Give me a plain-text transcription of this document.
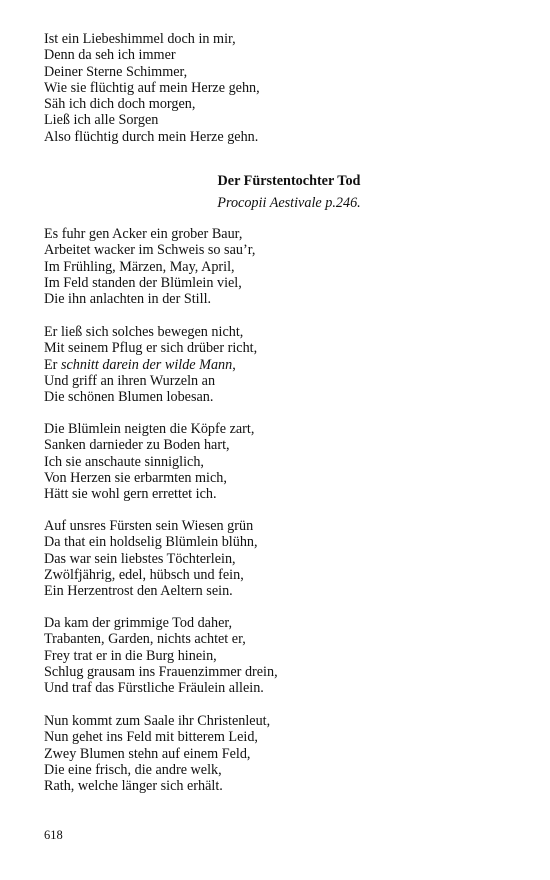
Ist ein Liebeshimmel doch in mir,
Denn da seh ich immer
Deiner Sterne Schimmer,
Wie sie flüchtig auf mein Herze gehn,
Säh ich dich doch morgen,
Ließ ich alle Sorgen
Also flüchtig durch mein Herze gehn.
Der Fürstentochter Tod
Procopii Aestivale p.246.
Es fuhr gen Acker ein grober Baur,
Arbeitet wacker im Schweis so sau’r,
Im Frühling, Märzen, May, April,
Im Feld standen der Blümlein viel,
Die ihn anlachten in der Still.
Er ließ sich solches bewegen nicht,
Mit seinem Pflug er sich drüber richt,
Er schnitt darein der wilde Mann,
Und griff an ihren Wurzeln an
Die schönen Blumen lobesan.
Die Blümlein neigten die Köpfe zart,
Sanken darnieder zu Boden hart,
Ich sie anschaute sinniglich,
Von Herzen sie erbarmten mich,
Hätt sie wohl gern errettet ich.
Auf unsres Fürsten sein Wiesen grün
Da that ein holdselig Blümlein blühn,
Das war sein liebstes Töchterlein,
Zwölfjährig, edel, hübsch und fein,
Ein Herzentrost den Aeltern sein.
Da kam der grimmige Tod daher,
Trabanten, Garden, nichts achtet er,
Frey trat er in die Burg hinein,
Schlug grausam ins Frauenzimmer drein,
Und traf das Fürstliche Fräulein allein.
Nun kommt zum Saale ihr Christenleut,
Nun gehet ins Feld mit bitterem Leid,
Zwey Blumen stehn auf einem Feld,
Die eine frisch, die andre welk,
Rath, welche länger sich erhält.
618
